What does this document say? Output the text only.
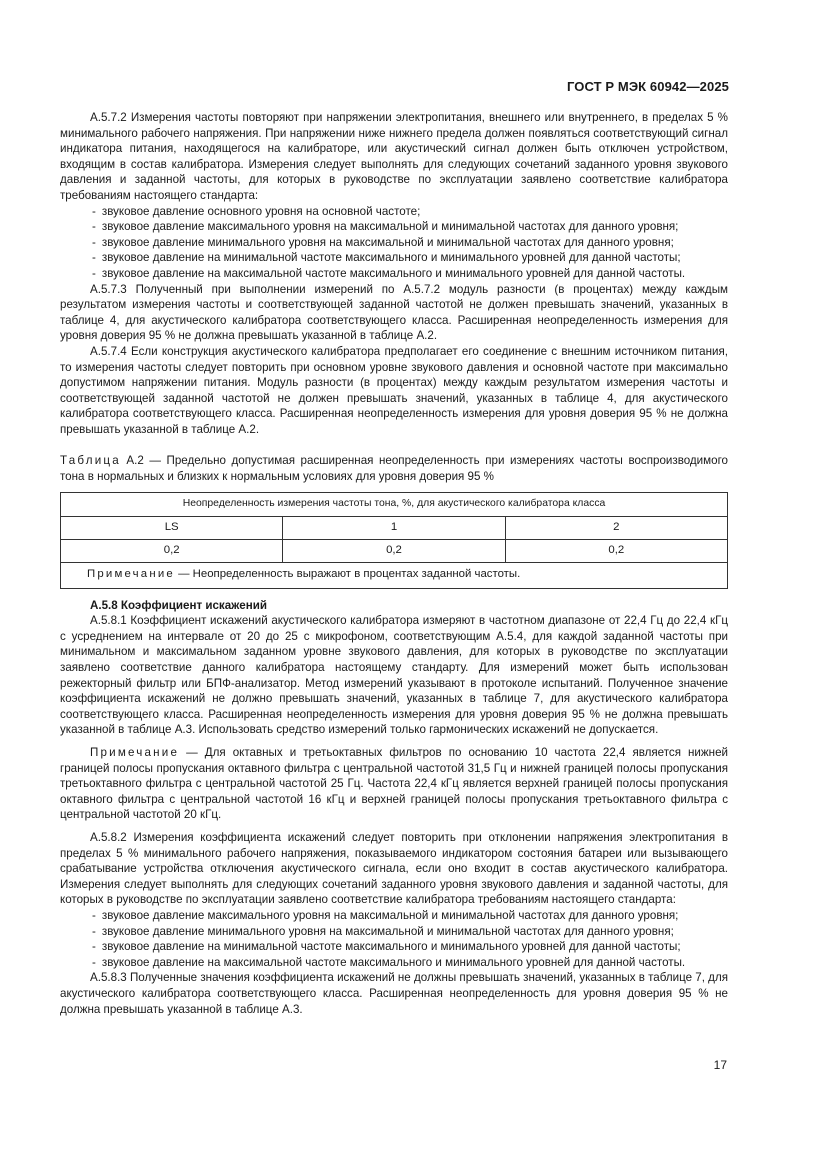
ГОСТ Р МЭК 60942—2025

А.5.7.2 Измерения частоты повторяют при напряжении электропитания, внешнего или внутреннего, в пределах 5 % минимального рабочего напряжения. При напряжении ниже нижнего предела должен появляться соответствующий сигнал индикатора питания, находящегося на калибраторе, или акустический сигнал должен быть отключен устройством, входящим в состав калибратора. Измерения следует выполнять для следующих сочетаний заданного уровня звукового давления и заданной частоты, для которых в руководстве по эксплуатации заявлено соответствие калибратора требованиям настоящего стандарта:

- звуковое давление основного уровня на основной частоте;
- звуковое давление максимального уровня на максимальной и минимальной частотах для данного уровня;
- звуковое давление минимального уровня на максимальной и минимальной частотах для данного уровня;
- звуковое давление на минимальной частоте максимального и минимального уровней для данной частоты;
- звуковое давление на максимальной частоте максимального и минимального уровней для данной частоты.

А.5.7.3 Полученный при выполнении измерений по А.5.7.2 модуль разности (в процентах) между каждым результатом измерения частоты и соответствующей заданной частотой не должен превышать значений, указанных в таблице 4, для акустического калибратора соответствующего класса. Расширенная неопределенность измерения для уровня доверия 95 % не должна превышать указанной в таблице А.2.

А.5.7.4 Если конструкция акустического калибратора предполагает его соединение с внешним источником питания, то измерения частоты следует повторить при основном уровне звукового давления и основной частоте при максимально допустимом напряжении питания. Модуль разности (в процентах) между каждым результатом измерения частоты и соответствующей заданной частотой не должен превышать значений, указанных в таблице 4, для акустического калибратора соответствующего класса. Расширенная неопределенность измерения для уровня доверия 95 % не должна превышать указанной в таблице А.2.

Таблица А.2 — Предельно допустимая расширенная неопределенность при измерениях частоты воспроизводимого тона в нормальных и близких к нормальным условиях для уровня доверия 95 %

Неопределенность измерения частоты тона, %, для акустического калибратора класса		
LS	1	2
0,2	0,2	0,2
Примечание — Неопределенность выражают в процентах заданной частоты.		

А.5.8 Коэффициент искажений

А.5.8.1 Коэффициент искажений акустического калибратора измеряют в частотном диапазоне от 22,4 Гц до 22,4 кГц с усреднением на интервале от 20 до 25 с микрофоном, соответствующим А.5.4, для каждой заданной частоты при минимальном и максимальном заданном уровне звукового давления, для которых в руководстве по эксплуатации заявлено соответствие данного калибратора настоящему стандарту. Для измерений может быть использован режекторный фильтр или БПФ-анализатор. Метод измерений указывают в протоколе испытаний. Полученное значение коэффициента искажений не должно превышать значений, указанных в таблице 7, для акустического калибратора соответствующего класса. Расширенная неопределенность измерения для уровня доверия 95 % не должна превышать указанной в таблице А.3. Использовать средство измерений только гармонических искажений не допускается.

Примечание — Для октавных и третьоктавных фильтров по основанию 10 частота 22,4 является нижней границей полосы пропускания октавного фильтра с центральной частотой 31,5 Гц и нижней границей полосы пропускания третьоктавного фильтра с центральной частотой 25 Гц. Частота 22,4 кГц является верхней границей полосы пропускания октавного фильтра с центральной частотой 16 кГц и верхней границей полосы пропускания третьоктавного фильтра с центральной частотой 20 кГц.

А.5.8.2 Измерения коэффициента искажений следует повторить при отклонении напряжения электропитания в пределах 5 % минимального рабочего напряжения, показываемого индикатором состояния батареи или вызывающего срабатывание устройства отключения акустического сигнала, если оно входит в состав акустического калибратора. Измерения следует выполнять для следующих сочетаний заданного уровня звукового давления и заданной частоты, для которых в руководстве по эксплуатации заявлено соответствие калибратора требованиям настоящего стандарта:

- звуковое давление максимального уровня на максимальной и минимальной частотах для данного уровня;
- звуковое давление минимального уровня на максимальной и минимальной частотах для данного уровня;
- звуковое давление на минимальной частоте максимального и минимального уровней для данной частоты;
- звуковое давление на максимальной частоте максимального и минимального уровней для данной частоты.

А.5.8.3 Полученные значения коэффициента искажений не должны превышать значений, указанных в таблице 7, для акустического калибратора соответствующего класса. Расширенная неопределенность для уровня доверия 95 % не должна превышать указанной в таблице А.3.

17
